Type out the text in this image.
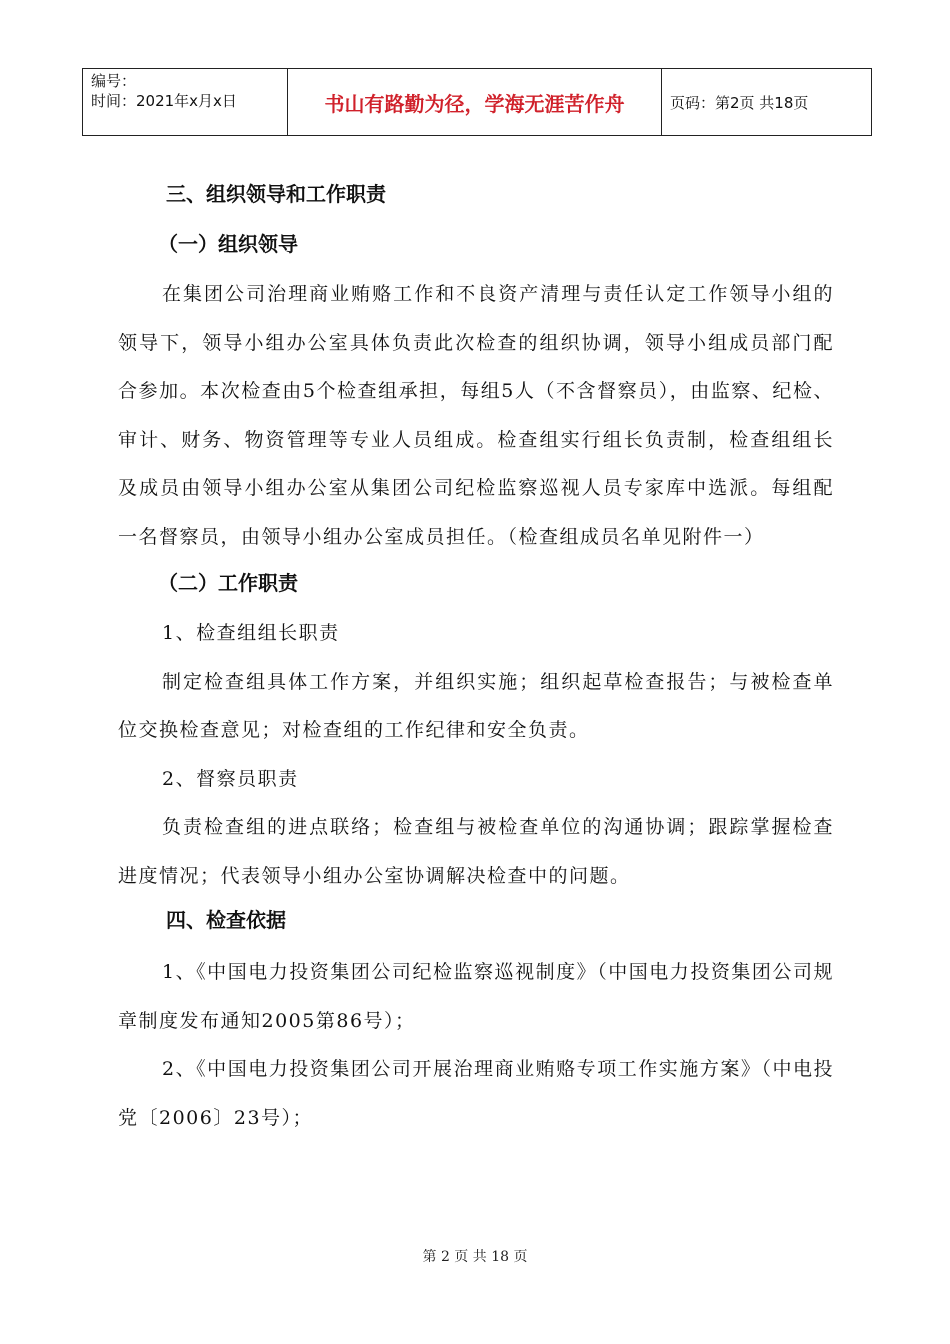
编号：
时间：2021年x月x日	书山有路勤为径，学海无涯苦作舟	页码：第2页 共18页
三、组织领导和工作职责
（一）组织领导

在集团公司治理商业贿赂工作和不良资产清理与责任认定工作领导小组的领导下，领导小组办公室具体负责此次检查的组织协调，领导小组成员部门配合参加。本次检查由5个检查组承担，每组5人（不含督察员），由监察、纪检、审计、财务、物资管理等专业人员组成。检查组实行组长负责制，检查组组长及成员由领导小组办公室从集团公司纪检监察巡视人员专家库中选派。每组配一名督察员，由领导小组办公室成员担任。（检查组成员名单见附件一）

（二）工作职责

1、检查组组长职责

制定检查组具体工作方案，并组织实施；组织起草检查报告；与被检查单位交换检查意见；对检查组的工作纪律和安全负责。

2、督察员职责

负责检查组的进点联络；检查组与被检查单位的沟通协调；跟踪掌握检查进度情况；代表领导小组办公室协调解决检查中的问题。

四、检查依据

1、《中国电力投资集团公司纪检监察巡视制度》（中国电力投资集团公司规章制度发布通知2005第86号）；

2、《中国电力投资集团公司开展治理商业贿赂专项工作实施方案》（中电投党〔2006〕23号）；

第 2 页 共 18 页
